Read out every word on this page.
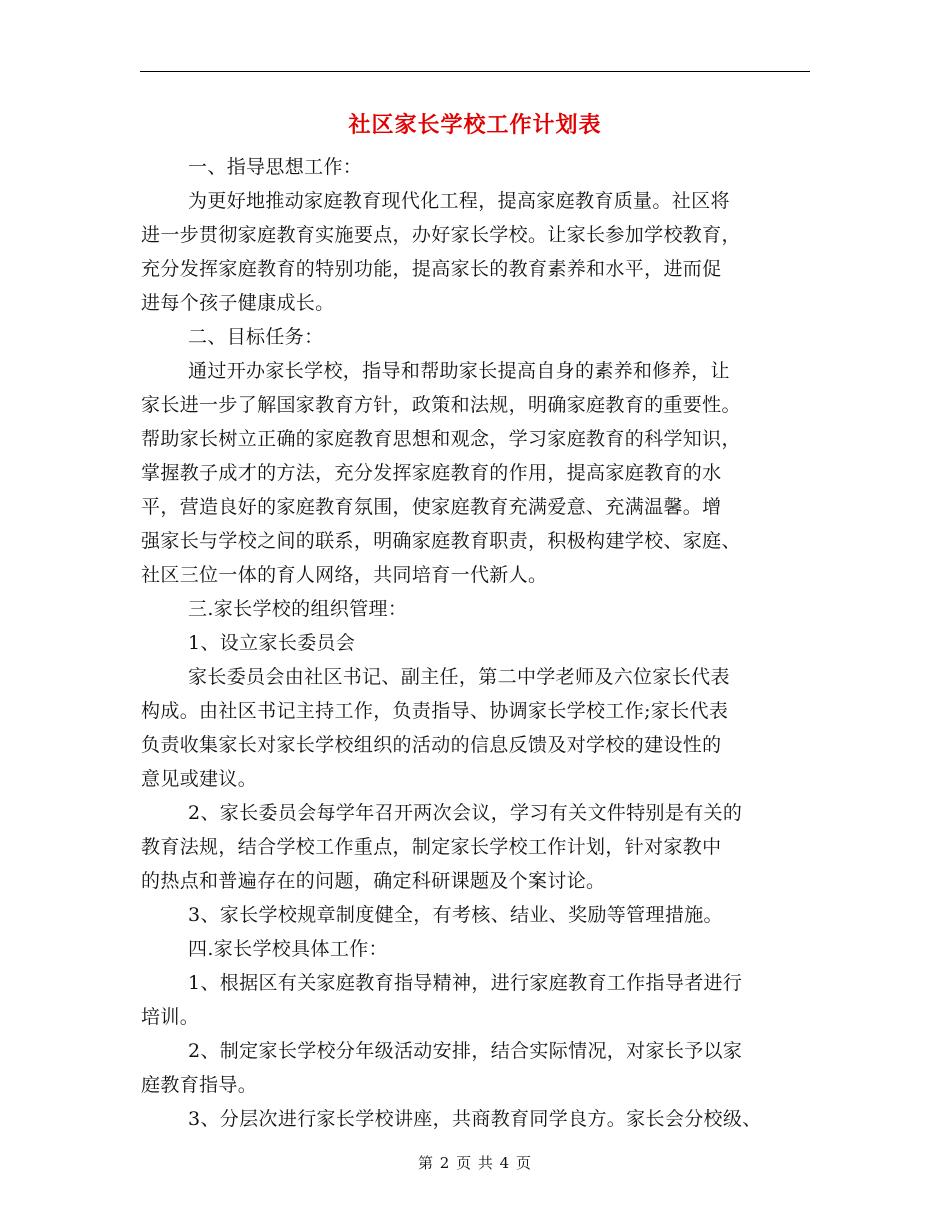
社区家长学校工作计划表
一、指导思想工作：
为更好地推动家庭教育现代化工程，提高家庭教育质量。社区将
进一步贯彻家庭教育实施要点，办好家长学校。让家长参加学校教育，
充分发挥家庭教育的特别功能，提高家长的教育素养和水平，进而促
进每个孩子健康成长。
二、目标任务：
通过开办家长学校，指导和帮助家长提高自身的素养和修养，让
家长进一步了解国家教育方针，政策和法规，明确家庭教育的重要性。
帮助家长树立正确的家庭教育思想和观念，学习家庭教育的科学知识，
掌握教子成才的方法，充分发挥家庭教育的作用，提高家庭教育的水
平，营造良好的家庭教育氛围，使家庭教育充满爱意、充满温馨。增
强家长与学校之间的联系，明确家庭教育职责，积极构建学校、家庭、
社区三位一体的育人网络，共同培育一代新人。
三.家长学校的组织管理：
1、设立家长委员会
家长委员会由社区书记、副主任，第二中学老师及六位家长代表
构成。由社区书记主持工作，负责指导、协调家长学校工作;家长代表
负责收集家长对家长学校组织的活动的信息反馈及对学校的建设性的
意见或建议。
2、家长委员会每学年召开两次会议，学习有关文件特别是有关的
教育法规，结合学校工作重点，制定家长学校工作计划，针对家教中
的热点和普遍存在的问题，确定科研课题及个案讨论。
3、家长学校规章制度健全，有考核、结业、奖励等管理措施。
四.家长学校具体工作：
1、根据区有关家庭教育指导精神，进行家庭教育工作指导者进行
培训。
2、制定家长学校分年级活动安排，结合实际情况，对家长予以家
庭教育指导。
3、分层次进行家长学校讲座，共商教育同学良方。家长会分校级、
第 2 页 共 4 页
